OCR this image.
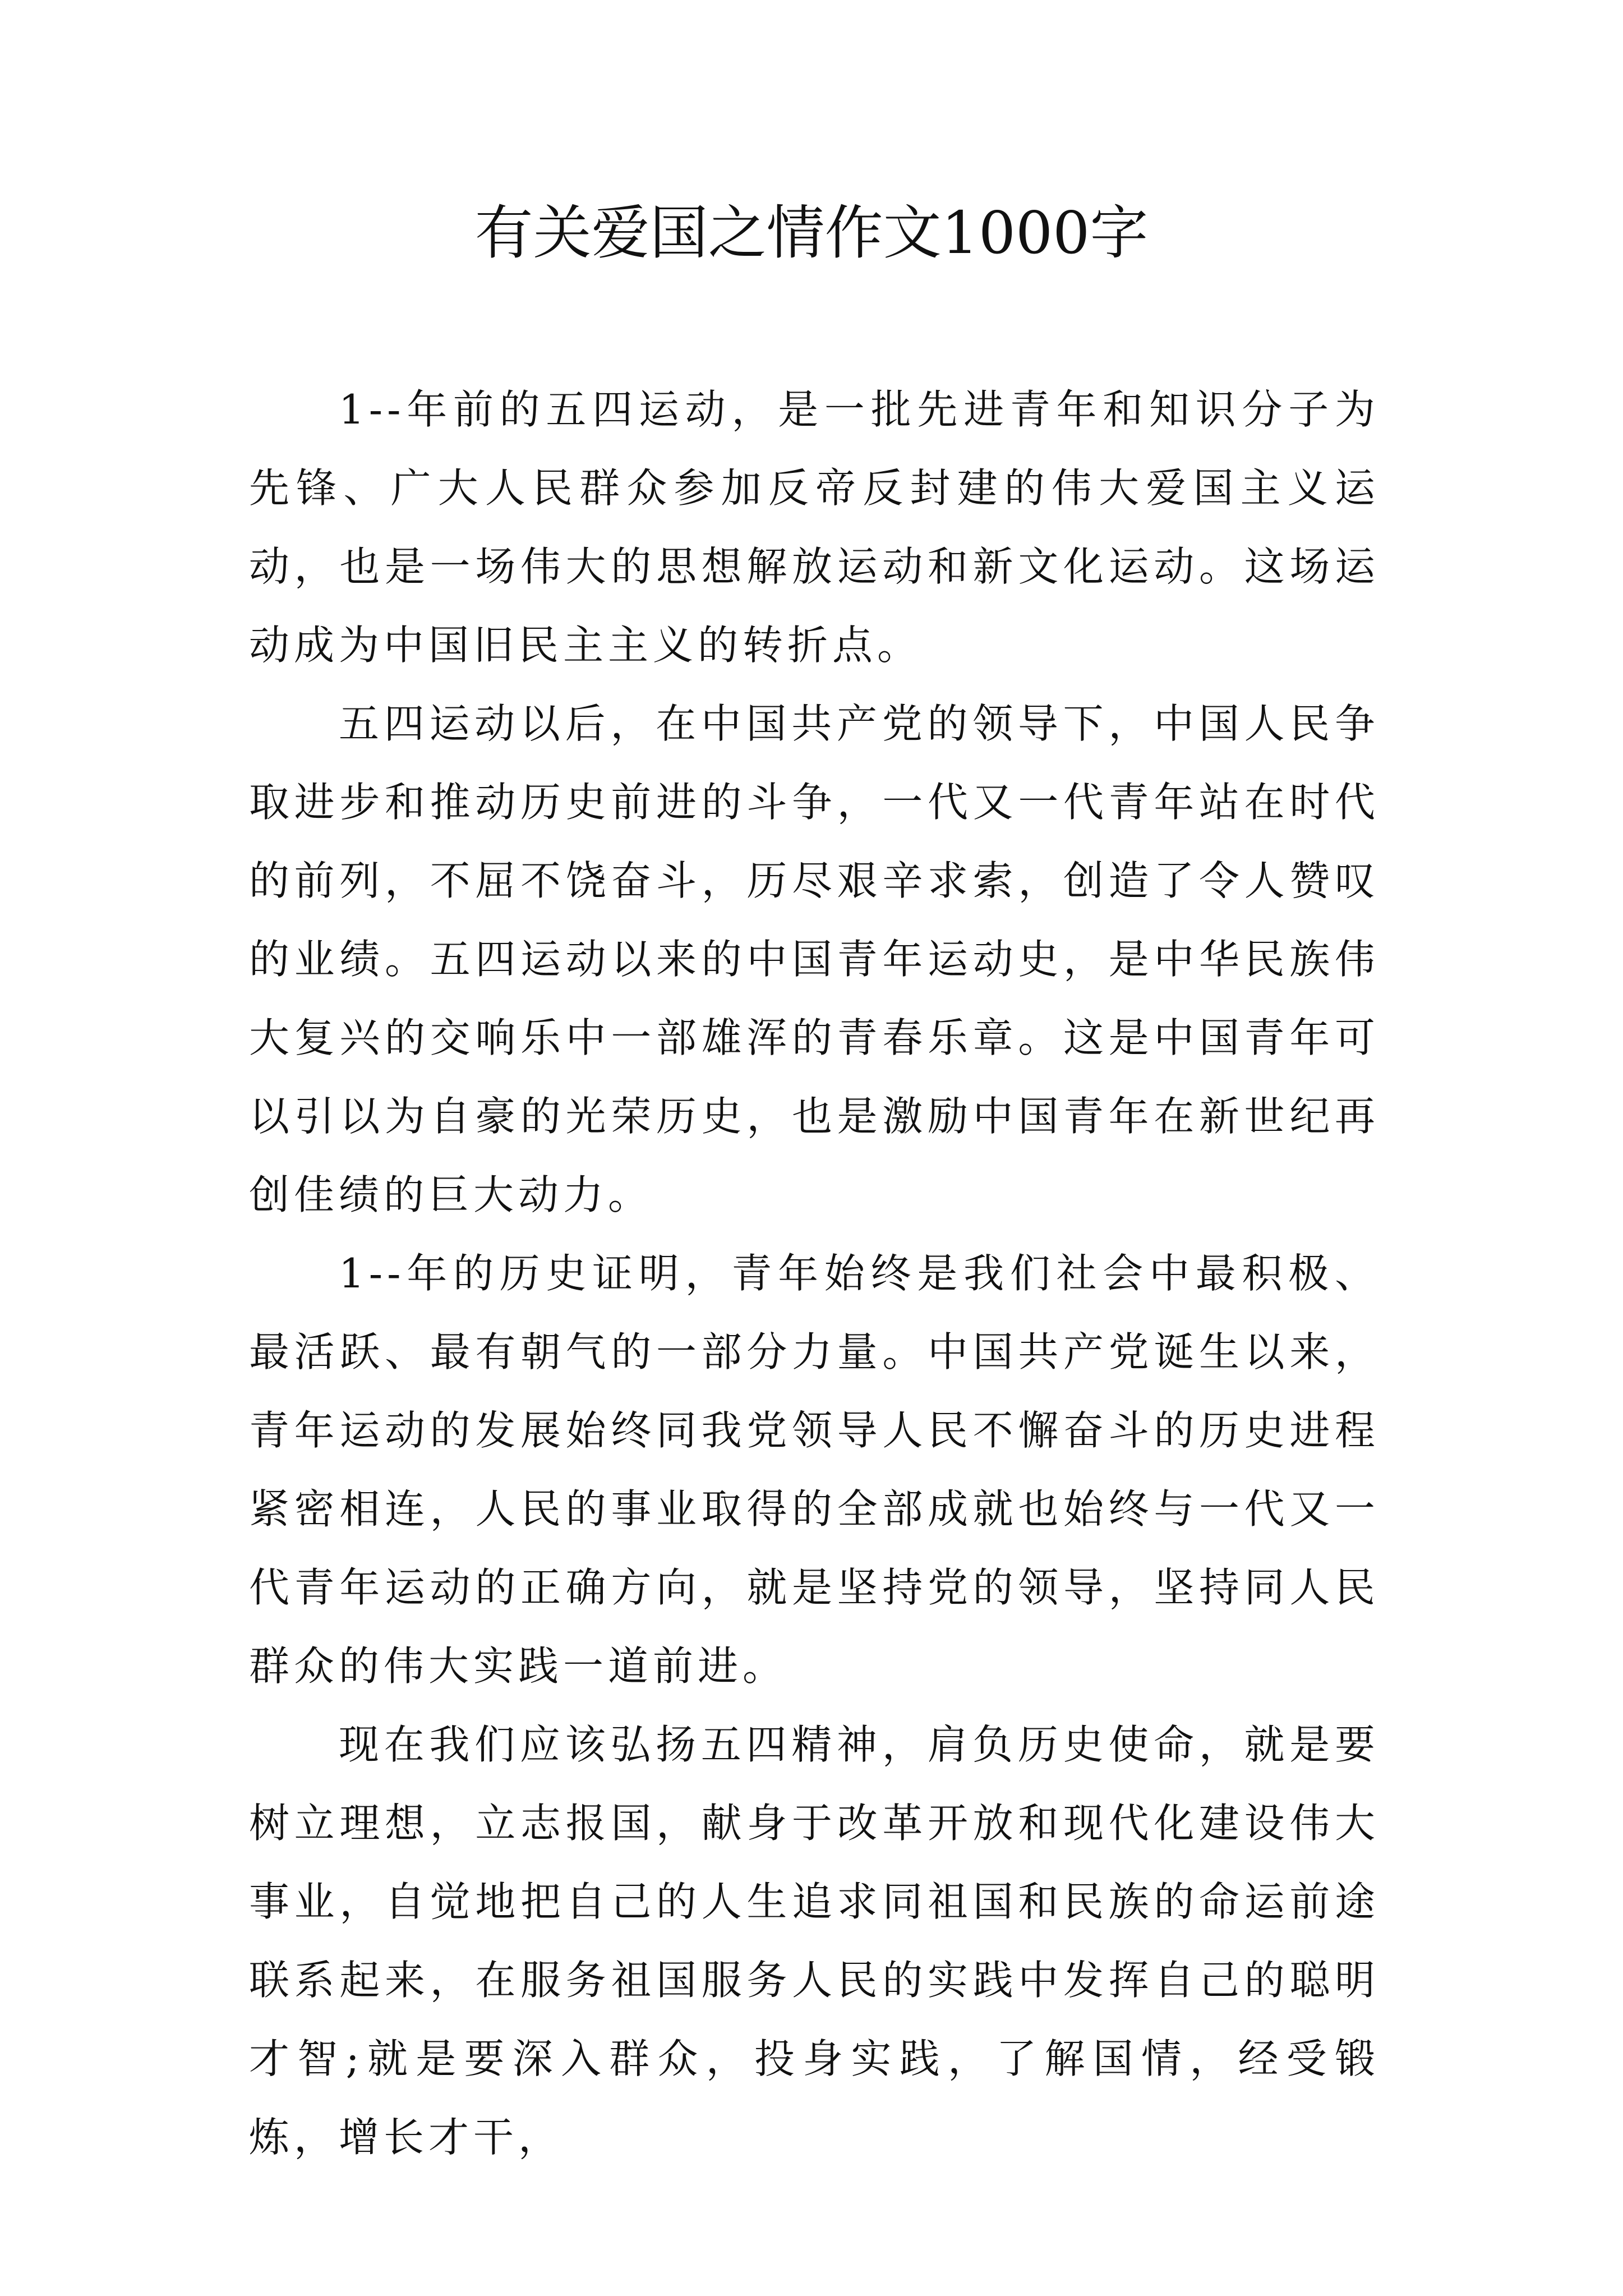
有关爱国之情作文1000字

1--年前的五四运动，是一批先进青年和知识分子为先锋、广大人民群众参加反帝反封建的伟大爱国主义运动，也是一场伟大的思想解放运动和新文化运动。这场运动成为中国旧民主主义的转折点。

五四运动以后，在中国共产党的领导下，中国人民争取进步和推动历史前进的斗争，一代又一代青年站在时代的前列，不屈不饶奋斗，历尽艰辛求索，创造了令人赞叹的业绩。五四运动以来的中国青年运动史，是中华民族伟大复兴的交响乐中一部雄浑的青春乐章。这是中国青年可以引以为自豪的光荣历史，也是激励中国青年在新世纪再创佳绩的巨大动力。

1--年的历史证明，青年始终是我们社会中最积极、最活跃、最有朝气的一部分力量。中国共产党诞生以来，青年运动的发展始终同我党领导人民不懈奋斗的历史进程紧密相连，人民的事业取得的全部成就也始终与一代又一代青年运动的正确方向，就是坚持党的领导，坚持同人民群众的伟大实践一道前进。

现在我们应该弘扬五四精神，肩负历史使命，就是要树立理想，立志报国，献身于改革开放和现代化建设伟大事业，自觉地把自己的人生追求同祖国和民族的命运前途联系起来，在服务祖国服务人民的实践中发挥自己的聪明才智;就是要深入群众，投身实践，了解国情，经受锻炼，增长才干，
